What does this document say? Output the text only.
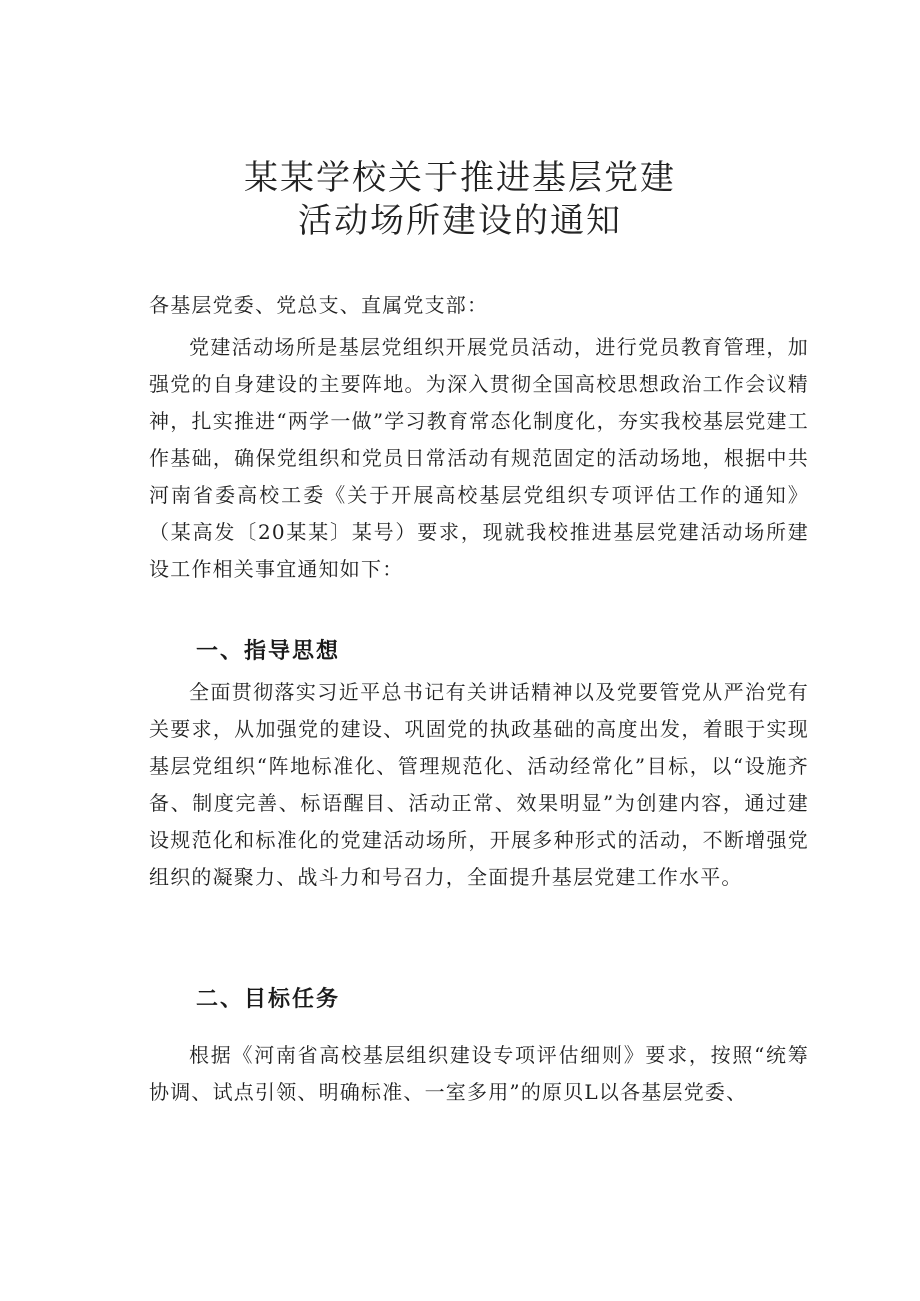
某某学校关于推进基层党建
活动场所建设的通知
各基层党委、党总支、直属党支部：

党建活动场所是基层党组织开展党员活动，进行党员教育管理，加强党的自身建设的主要阵地。为深入贯彻全国高校思想政治工作会议精神，扎实推进“两学一做”学习教育常态化制度化，夯实我校基层党建工作基础，确保党组织和党员日常活动有规范固定的活动场地，根据中共河南省委高校工委《关于开展高校基层党组织专项评估工作的通知》（某高发〔20某某〕某号）要求，现就我校推进基层党建活动场所建设工作相关事宜通知如下：

一、指导思想

全面贯彻落实习近平总书记有关讲话精神以及党要管党从严治党有关要求，从加强党的建设、巩固党的执政基础的高度出发，着眼于实现基层党组织“阵地标准化、管理规范化、活动经常化”目标，以“设施齐备、制度完善、标语醒目、活动正常、效果明显”为创建内容，通过建设规范化和标准化的党建活动场所，开展多种形式的活动，不断增强党组织的凝聚力、战斗力和号召力，全面提升基层党建工作水平。

二、目标任务

根据《河南省高校基层组织建设专项评估细则》要求，按照“统筹协调、试点引领、明确标准、一室多用”的原贝L以各基层党委、
